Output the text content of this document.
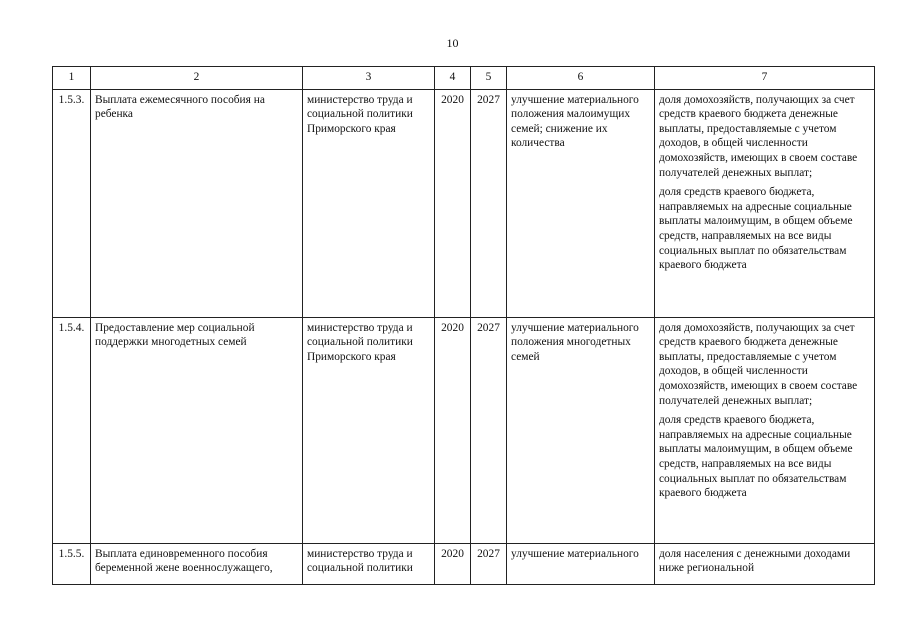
10
1	2	3	4	5	6	7
1.5.3.	Выплата ежемесячного пособия на ребенка	министерство труда и социальной политики Приморского края	2020	2027	улучшение материального положения малоимущих семей; снижение их количества	доля домохозяйств, получающих за счет средств краевого бюджета денежные выплаты, предоставляемые с учетом доходов, в общей численности домохозяйств, имеющих в своем составе получателей денежных выплат;
доля средств краевого бюджета, направляемых на адресные социальные выплаты малоимущим, в общем объеме средств, направляемых на все виды социальных выплат по обязательствам краевого бюджета

1.5.4.	Предоставление мер социальной поддержки многодетных семей	министерство труда и социальной политики Приморского края	2020	2027	улучшение материального положения многодетных семей	доля домохозяйств, получающих за счет средств краевого бюджета денежные выплаты, предоставляемые с учетом доходов, в общей численности домохозяйств, имеющих в своем составе получателей денежных выплат;
доля средств краевого бюджета, направляемых на адресные социальные выплаты малоимущим, в общем объеме средств, направляемых на все виды социальных выплат по обязательствам краевого бюджета

1.5.5.	Выплата единовременного пособия беременной жене военнослужащего,	министерство труда и социальной политики	2020	2027	улучшение материального	доля населения с денежными доходами ниже региональной
